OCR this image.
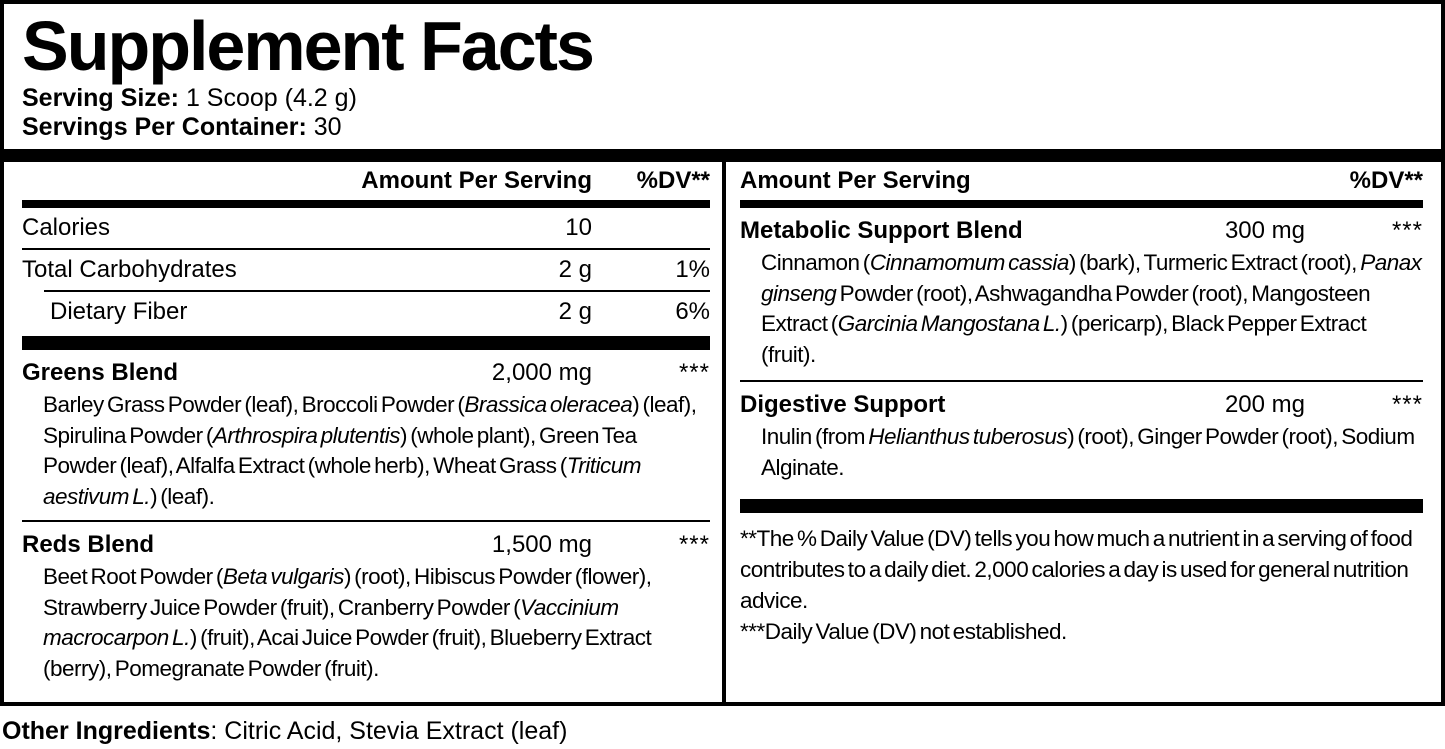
Supplement Facts
Serving Size: 1 Scoop (4.2 g)
Servings Per Container: 30
Amount Per Serving	%DV**
Calories	10
Total Carbohydrates	2 g	1%
Dietary Fiber	2 g	6%
Greens Blend	2,000 mg	***
Barley Grass Powder (leaf), Broccoli Powder (Brassica oleracea) (leaf), Spirulina Powder (Arthrospira plutentis) (whole plant), Green Tea Powder (leaf), Alfalfa Extract (whole herb), Wheat Grass (Triticum aestivum L.) (leaf).
Reds Blend	1,500 mg	***
Beet Root Powder (Beta vulgaris) (root), Hibiscus Powder (flower), Strawberry Juice Powder (fruit), Cranberry Powder (Vaccinium macrocarpon L.) (fruit), Acai Juice Powder (fruit), Blueberry Extract (berry), Pomegranate Powder (fruit).
Amount Per Serving	%DV**
Metabolic Support Blend	300 mg	***
Cinnamon (Cinnamomum cassia) (bark), Turmeric Extract (root), Panax ginseng Powder (root), Ashwagandha Powder (root), Mangosteen Extract (Garcinia Mangostana L.) (pericarp), Black Pepper Extract (fruit).
Digestive Support	200 mg	***
Inulin (from Helianthus tuberosus) (root), Ginger Powder (root), Sodium Alginate.
**The % Daily Value (DV) tells you how much a nutrient in a serving of food contributes to a daily diet. 2,000 calories a day is used for general nutrition advice.
***Daily Value (DV) not established.
Other Ingredients: Citric Acid, Stevia Extract (leaf)
